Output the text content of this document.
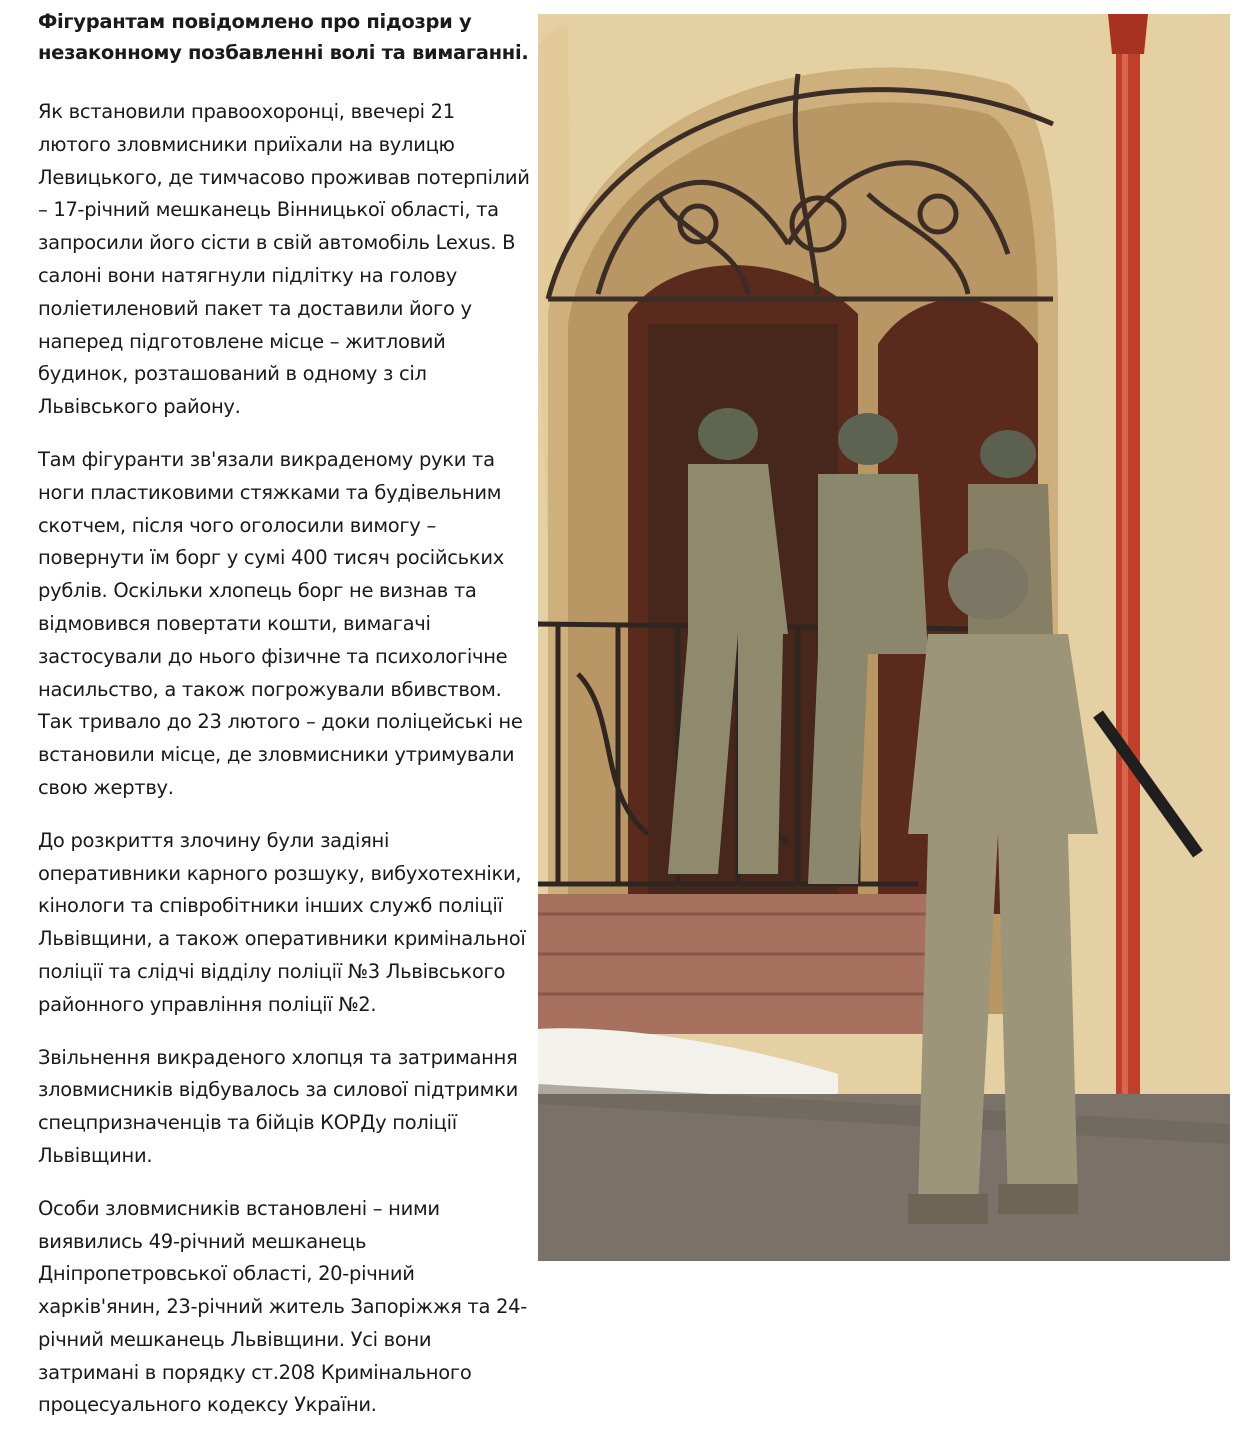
Фігурантам повідомлено про підозри у незаконному позбавленні волі та вимаганні.

Як встановили правоохоронці, ввечері 21 лютого зловмисники приїхали на вулицю Левицького, де тимчасово проживав потерпілий – 17-річний мешканець Вінницької області, та запросили його сісти в свій автомобіль Lexus. В салоні вони натягнули підлітку на голову поліетиленовий пакет та доставили його у наперед підготовлене місце – житловий будинок, розташований в одному з сіл Львівського району.

Там фігуранти зв'язали викраденому руки та ноги пластиковими стяжками та будівельним скотчем, після чого оголосили вимогу – повернути їм борг у сумі 400 тисяч російських рублів. Оскільки хлопець борг не визнав та відмовився повертати кошти, вимагачі застосували до нього фізичне та психологічне насильство, а також погрожували вбивством. Так тривало до 23 лютого – доки поліцейські не встановили місце, де зловмисники утримували свою жертву.

До розкриття злочину були задіяні оперативники карного розшуку, вибухотехніки, кінологи та співробітники інших служб поліції Львівщини, а також оперативники кримінальної поліції та слідчі відділу поліції №3 Львівського районного управління поліції №2.

Звільнення викраденого хлопця та затримання зловмисників відбувалось за силової підтримки спецпризначенців та бійців КОРДу поліції Львівщини.

Особи зловмисників встановлені – ними виявились 49-річний мешканець Дніпропетровської області, 20-річний харків'янин, 23-річний житель Запоріжжя та 24-річний мешканець Львівщини. Усі вони затримані в порядку ст.208 Кримінального процесуального кодексу України.
